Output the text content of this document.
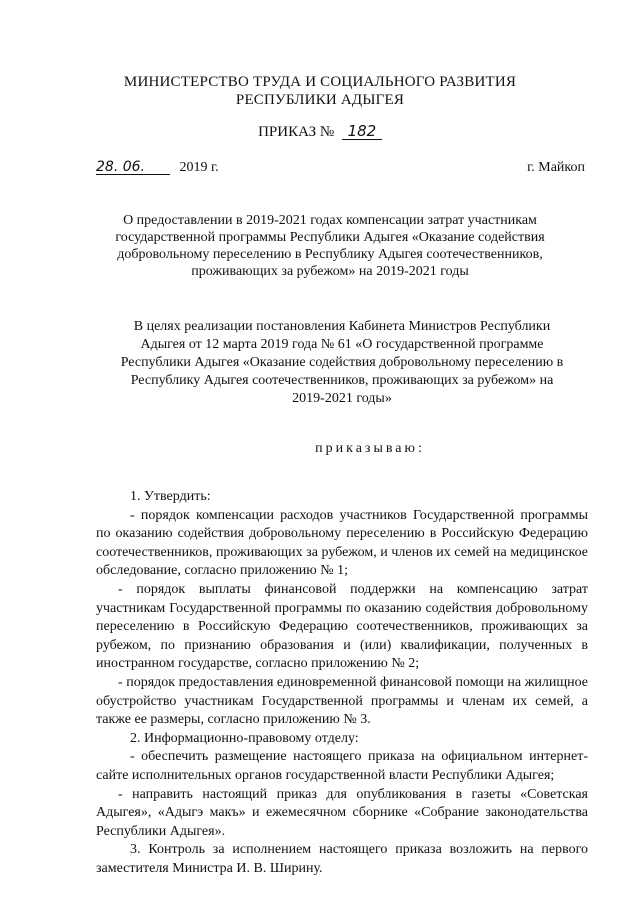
МИНИСТЕРСТВО ТРУДА И СОЦИАЛЬНОГО РАЗВИТИЯ
РЕСПУБЛИКИ АДЫГЕЯ
ПРИКАЗ № 182
28. 06. 2019 г.	г. Майкоп
О предоставлении в 2019-2021 годах компенсации затрат участникам государственной программы Республики Адыгея «Оказание содействия добровольному переселению в Республику Адыгея соотечественников, проживающих за рубежом» на 2019-2021 годы
В целях реализации постановления Кабинета Министров Республики
Адыгея от 12 марта 2019 года № 61 «О государственной программе
Республики Адыгея «Оказание содействия добровольному переселению в
Республику Адыгея соотечественников, проживающих за рубежом» на
2019-2021 годы»
приказываю:
1. Утвердить:
- порядок компенсации расходов участников Государственной программы по оказанию содействия добровольному переселению в Российскую Федерацию соотечественников, проживающих за рубежом, и членов их семей на медицинское обследование, согласно приложению № 1;
- порядок выплаты финансовой поддержки на компенсацию затрат участникам Государственной программы по оказанию содействия добровольному переселению в Российскую Федерацию соотечественников, проживающих за рубежом, по признанию образования и (или) квалификации, полученных в иностранном государстве, согласно приложению № 2;
- порядок предоставления единовременной финансовой помощи на жилищное обустройство участникам Государственной программы и членам их семей, а также ее размеры, согласно приложению № 3.
2. Информационно-правовому отделу:
- обеспечить размещение настоящего приказа на официальном интернет-сайте исполнительных органов государственной власти Республики Адыгея;
- направить настоящий приказ для опубликования в газеты «Советская Адыгея», «Адыгэ макъ» и ежемесячном сборнике «Собрание законодательства Республики Адыгея».
3. Контроль за исполнением настоящего приказа возложить на первого заместителя Министра И. В. Ширину.
